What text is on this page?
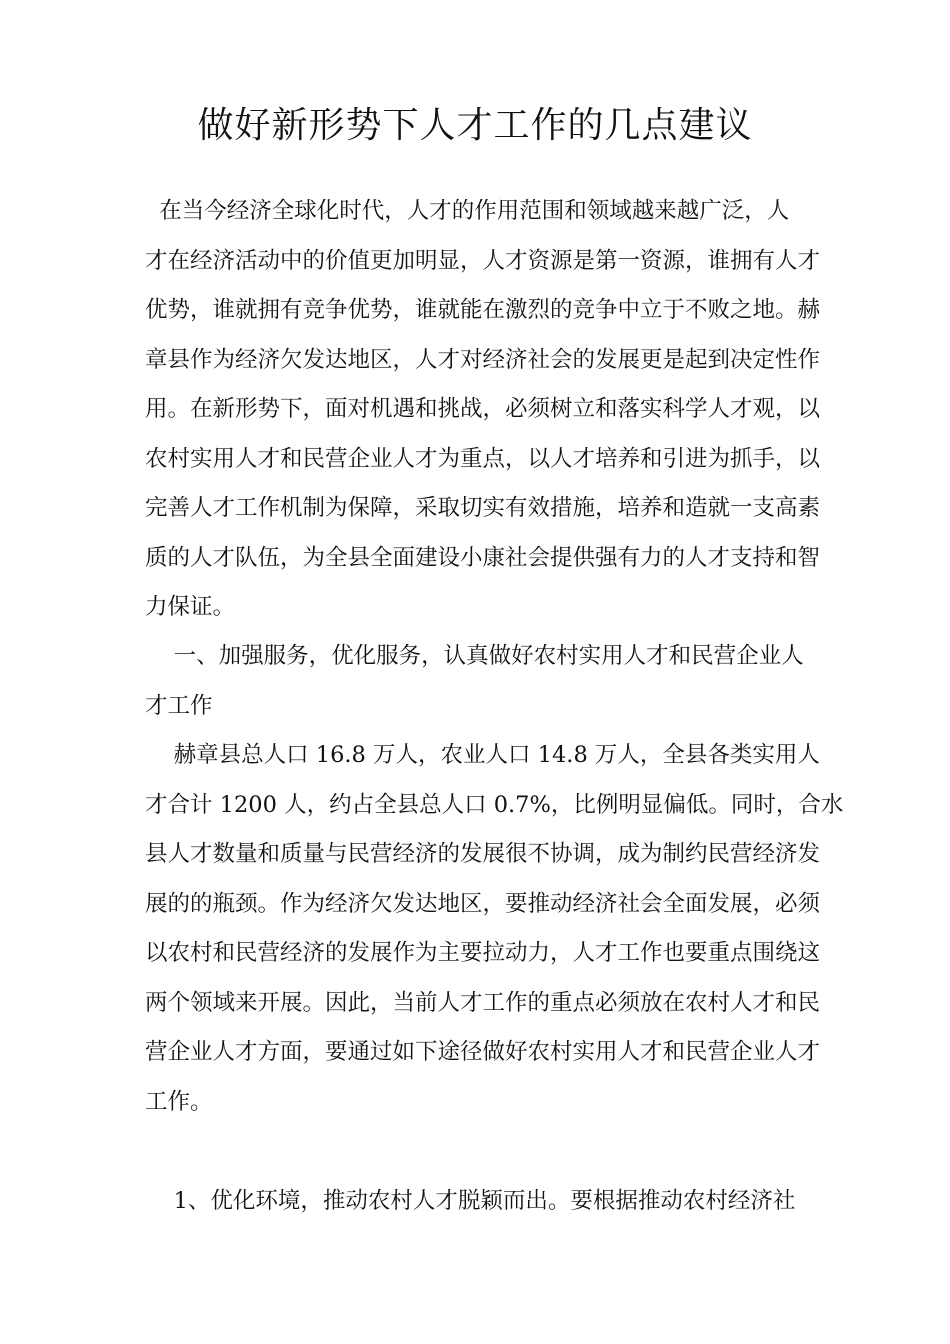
做好新形势下人才工作的几点建议
在当今经济全球化时代，人才的作用范围和领域越来越广泛，人
才在经济活动中的价值更加明显，人才资源是第一资源，谁拥有人才
优势，谁就拥有竞争优势，谁就能在激烈的竞争中立于不败之地。赫
章县作为经济欠发达地区，人才对经济社会的发展更是起到决定性作
用。在新形势下，面对机遇和挑战，必须树立和落实科学人才观，以
农村实用人才和民营企业人才为重点，以人才培养和引进为抓手，以
完善人才工作机制为保障，采取切实有效措施，培养和造就一支高素
质的人才队伍，为全县全面建设小康社会提供强有力的人才支持和智
力保证。
一、加强服务，优化服务，认真做好农村实用人才和民营企业人
才工作
赫章县总人口 16.8 万人，农业人口 14.8 万人，全县各类实用人
才合计 1200 人，约占全县总人口 0.7%，比例明显偏低。同时，合水
县人才数量和质量与民营经济的发展很不协调，成为制约民营经济发
展的的瓶颈。作为经济欠发达地区，要推动经济社会全面发展，必须
以农村和民营经济的发展作为主要拉动力，人才工作也要重点围绕这
两个领域来开展。因此，当前人才工作的重点必须放在农村人才和民
营企业人才方面，要通过如下途径做好农村实用人才和民营企业人才
工作。
1、优化环境，推动农村人才脱颖而出。要根据推动农村经济社
